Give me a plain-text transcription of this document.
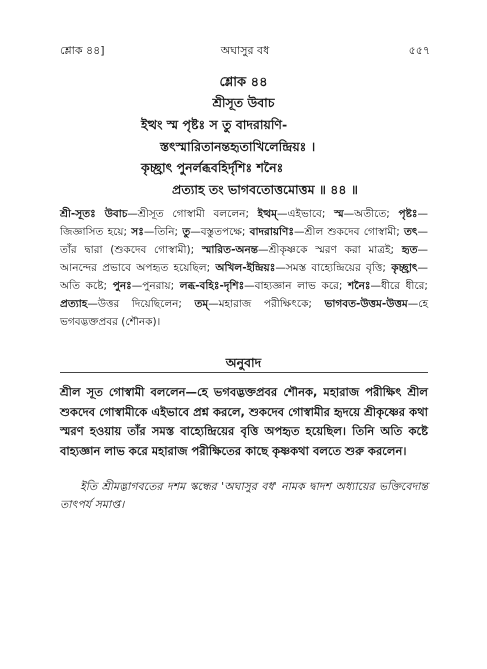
শ্লোক ৪৪]	অঘাসুর বধ	৫৫৭
শ্লোক ৪৪
শ্রীসূত উবাচ
ইত্থং স্ম পৃষ্টঃ স তু বাদরায়ণি-
স্তৎস্মারিতানন্তহৃতাখিলেন্দ্রিয়ঃ ।
কৃচ্ছ্রাৎ পুনর্লব্ধবহির্দৃশিঃ শনৈঃ
প্রত্যাহ তং ভাগবতোত্তমোত্তম ॥ ৪৪ ॥
শ্রী-সূতঃ উবাচ—শ্রীসূত গোস্বামী বললেন; ইত্থম্—এইভাবে; স্ম—অতীতে; পৃষ্টঃ—জিজ্ঞাসিত হয়ে; সঃ—তিনি; তু—বস্তুতপক্ষে; বাদরায়ণিঃ—শ্রীল শুকদেব গোস্বামী; তৎ—তাঁর দ্বারা (শুকদেব গোস্বামী); স্মারিত-অনন্ত—শ্রীকৃষ্ণকে স্মরণ করা মাত্রই; হৃত—আনন্দের প্রভাবে অপহৃত হয়েছিল; অখিল-ইন্দ্রিয়ঃ—সমস্ত বাহ্যেন্দ্রিয়ের বৃত্তি; কৃচ্ছ্রাৎ—অতি কষ্টে; পুনঃ—পুনরায়; লব্ধ-বহিঃ-দৃশিঃ—বাহ্যজ্ঞান লাভ করে; শনৈঃ—ধীরে ধীরে; প্রত্যাহ—উত্তর দিয়েছিলেন; তম্—মহারাজ পরীক্ষিৎকে; ভাগবত-উত্তম-উত্তম—হে ভগবদ্ভক্তপ্রবর (শৌনক)।
অনুবাদ
শ্রীল সূত গোস্বামী বললেন—হে ভগবদ্ভক্তপ্রবর শৌনক, মহারাজ পরীক্ষিৎ শ্রীল শুকদেব গোস্বামীকে এইভাবে প্রশ্ন করলে, শুকদেব গোস্বামীর হৃদয়ে শ্রীকৃষ্ণের কথা স্মরণ হওয়ায় তাঁর সমস্ত বাহ্যেন্দ্রিয়ের বৃত্তি অপহৃত হয়েছিল। তিনি অতি কষ্টে বাহ্যজ্ঞান লাভ করে মহারাজ পরীক্ষিতের কাছে কৃষ্ণকথা বলতে শুরু করলেন।
ইতি শ্রীমদ্ভাগবতের দশম স্কন্ধের 'অঘাসুর বধ' নামক দ্বাদশ অধ্যায়ের ভক্তিবেদান্ত তাৎপর্য সমাপ্ত।
